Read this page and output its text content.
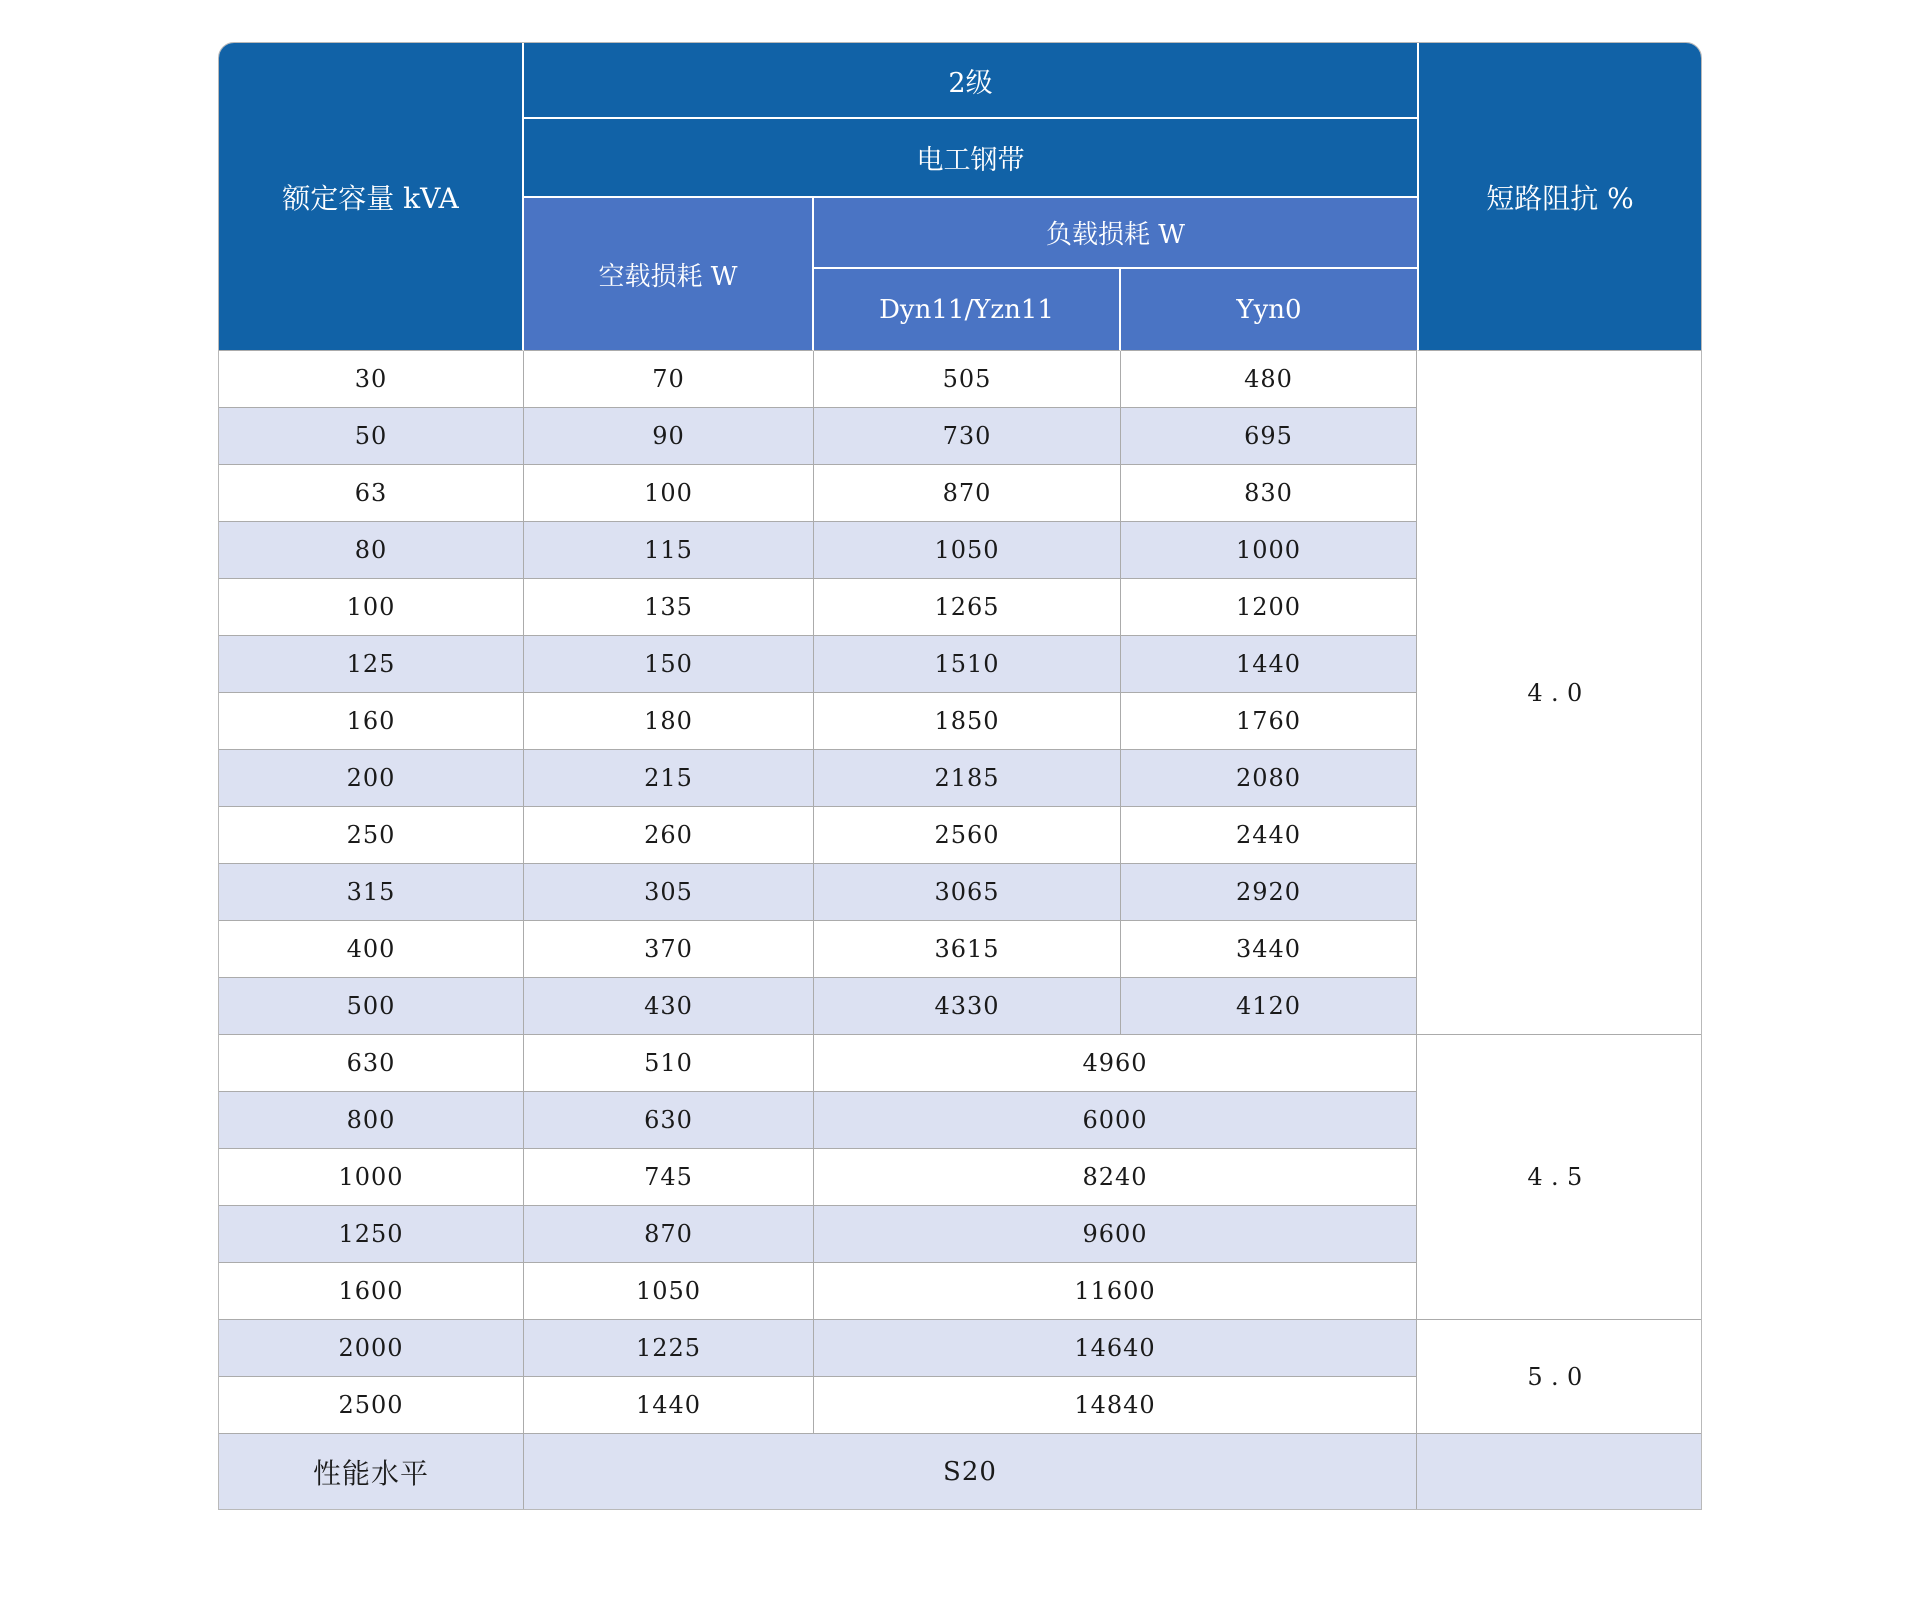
额定容量 kVA
2级
电工钢带
空载损耗 W
负载损耗 W
Dyn11/Yzn11	Yyn0
短路阻抗 %
性能水平	S20
30	70	505	480
50	90	730	695
63	100	870	830
80	115	1050	1000
100	135	1265	1200
125	150	1510	1440
160	180	1850	1760
200	215	2185	2080
250	260	2560	2440
315	305	3065	2920
400	370	3615	3440
500	430	4330	4120
4.0
630	510	4960
800	630	6000
1000	745	8240
1250	870	9600
1600	1050	11600
4.5
2000	1225	14640
2500	1440	14840
5.0
